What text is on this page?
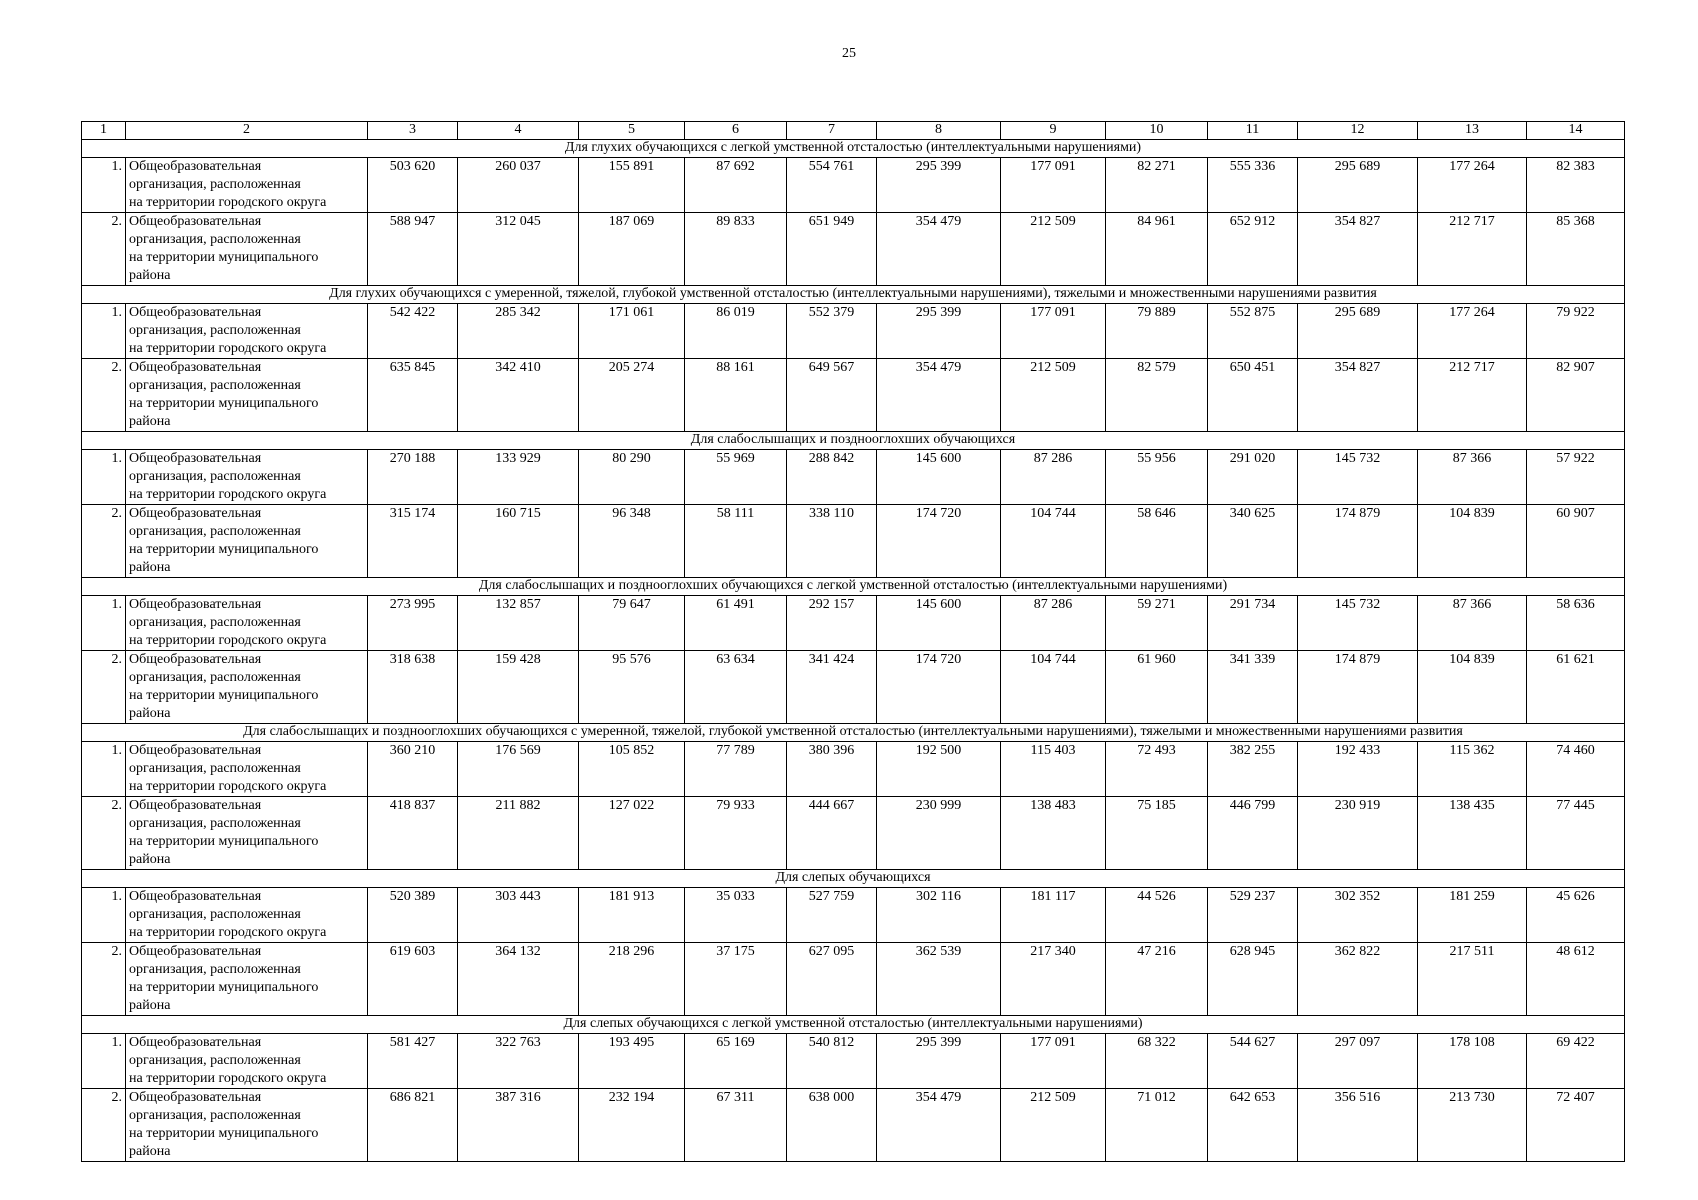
25
1	2	3	4	5	6	7	8	9	10	11	12	13	14
Для глухих обучающихся с легкой умственной отсталостью (интеллектуальными нарушениями)													
1.	Общеобразовательная
организация, расположенная
на территории городского округа	503 620	260 037	155 891	87 692	554 761	295 399	177 091	82 271	555 336	295 689	177 264	82 383
2.	Общеобразовательная
организация, расположенная
на территории муниципального
района	588 947	312 045	187 069	89 833	651 949	354 479	212 509	84 961	652 912	354 827	212 717	85 368
Для глухих обучающихся с умеренной, тяжелой, глубокой умственной отсталостью (интеллектуальными нарушениями), тяжелыми и множественными нарушениями развития													
1.	Общеобразовательная
организация, расположенная
на территории городского округа	542 422	285 342	171 061	86 019	552 379	295 399	177 091	79 889	552 875	295 689	177 264	79 922
2.	Общеобразовательная
организация, расположенная
на территории муниципального
района	635 845	342 410	205 274	88 161	649 567	354 479	212 509	82 579	650 451	354 827	212 717	82 907
Для слабослышащих и позднооглохших обучающихся													
1.	Общеобразовательная
организация, расположенная
на территории городского округа	270 188	133 929	80 290	55 969	288 842	145 600	87 286	55 956	291 020	145 732	87 366	57 922
2.	Общеобразовательная
организация, расположенная
на территории муниципального
района	315 174	160 715	96 348	58 111	338 110	174 720	104 744	58 646	340 625	174 879	104 839	60 907
Для слабослышащих и позднооглохших обучающихся с легкой умственной отсталостью (интеллектуальными нарушениями)													
1.	Общеобразовательная
организация, расположенная
на территории городского округа	273 995	132 857	79 647	61 491	292 157	145 600	87 286	59 271	291 734	145 732	87 366	58 636
2.	Общеобразовательная
организация, расположенная
на территории муниципального
района	318 638	159 428	95 576	63 634	341 424	174 720	104 744	61 960	341 339	174 879	104 839	61 621
Для слабослышащих и позднооглохших обучающихся с умеренной, тяжелой, глубокой умственной отсталостью (интеллектуальными нарушениями), тяжелыми и множественными нарушениями развития													
1.	Общеобразовательная
организация, расположенная
на территории городского округа	360 210	176 569	105 852	77 789	380 396	192 500	115 403	72 493	382 255	192 433	115 362	74 460
2.	Общеобразовательная
организация, расположенная
на территории муниципального
района	418 837	211 882	127 022	79 933	444 667	230 999	138 483	75 185	446 799	230 919	138 435	77 445
Для слепых обучающихся													
1.	Общеобразовательная
организация, расположенная
на территории городского округа	520 389	303 443	181 913	35 033	527 759	302 116	181 117	44 526	529 237	302 352	181 259	45 626
2.	Общеобразовательная
организация, расположенная
на территории муниципального
района	619 603	364 132	218 296	37 175	627 095	362 539	217 340	47 216	628 945	362 822	217 511	48 612
Для слепых обучающихся с легкой умственной отсталостью (интеллектуальными нарушениями)													
1.	Общеобразовательная
организация, расположенная
на территории городского округа	581 427	322 763	193 495	65 169	540 812	295 399	177 091	68 322	544 627	297 097	178 108	69 422
2.	Общеобразовательная
организация, расположенная
на территории муниципального
района	686 821	387 316	232 194	67 311	638 000	354 479	212 509	71 012	642 653	356 516	213 730	72 407
